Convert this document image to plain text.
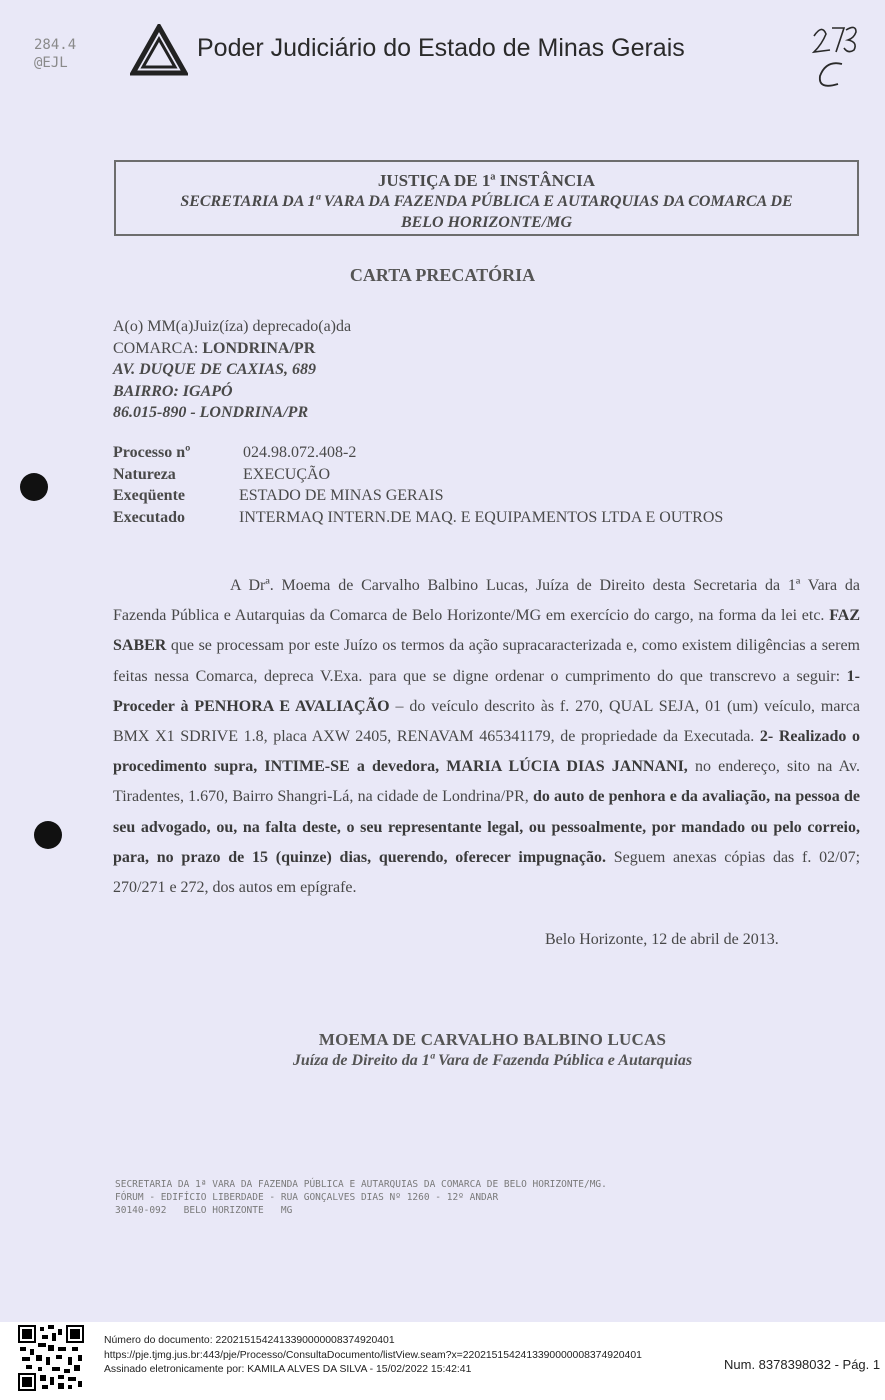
284.4
@EJL
Poder Judiciário do Estado de Minas Gerais
JUSTIÇA DE 1ª INSTÂNCIA
SECRETARIA DA 1ª VARA DA FAZENDA PÚBLICA E AUTARQUIAS DA COMARCA DE
BELO HORIZONTE/MG
CARTA PRECATÓRIA
A(o) MM(a)Juiz(íza) deprecado(a)da
COMARCA: LONDRINA/PR
AV. DUQUE DE CAXIAS, 689
BAIRRO: IGAPÓ
86.015-890 - LONDRINA/PR
Processo nº	024.98.072.408-2
Natureza	EXECUÇÃO
Exeqüente	ESTADO DE MINAS GERAIS
Executado	INTERMAQ INTERN.DE MAQ. E EQUIPAMENTOS LTDA E OUTROS
A Drª. Moema de Carvalho Balbino Lucas, Juíza de Direito desta Secretaria da 1ª Vara da Fazenda Pública e Autarquias da Comarca de Belo Horizonte/MG em exercício do cargo, na forma da lei etc. FAZ SABER que se processam por este Juízo os termos da ação supracaracterizada e, como existem diligências a serem feitas nessa Comarca, depreca V.Exa. para que se digne ordenar o cumprimento do que transcrevo a seguir: 1- Proceder à PENHORA E AVALIAÇÃO – do veículo descrito às f. 270, QUAL SEJA, 01 (um) veículo, marca BMX X1 SDRIVE 1.8, placa AXW 2405, RENAVAM 465341179, de propriedade da Executada. 2- Realizado o procedimento supra, INTIME-SE a devedora, MARIA LÚCIA DIAS JANNANI, no endereço, sito na Av. Tiradentes, 1.670, Bairro Shangri-Lá, na cidade de Londrina/PR, do auto de penhora e da avaliação, na pessoa de seu advogado, ou, na falta deste, o seu representante legal, ou pessoalmente, por mandado ou pelo correio, para, no prazo de 15 (quinze) dias, querendo, oferecer impugnação. Seguem anexas cópias das f. 02/07; 270/271 e 272, dos autos em epígrafe.
Belo Horizonte, 12 de abril de 2013.
MOEMA DE CARVALHO BALBINO LUCAS
Juíza de Direito da 1ª Vara de Fazenda Pública e Autarquias
SECRETARIA DA 1ª VARA DA FAZENDA PÚBLICA E AUTARQUIAS DA COMARCA DE BELO HORIZONTE/MG.
FÓRUM - EDIFÍCIO LIBERDADE - RUA GONÇALVES DIAS Nº 1260 - 12º ANDAR
30140-092   BELO HORIZONTE   MG
Número do documento: 22021515424133900000083749204​01
https://pje.tjmg.jus.br:443/pje/Processo/ConsultaDocumento/listView.seam?x=22021515424133900000083749204​01
Assinado eletronicamente por: KAMILA ALVES DA SILVA - 15/02/2022 15:42:41	Num. 8378398032 - Pág. 1
